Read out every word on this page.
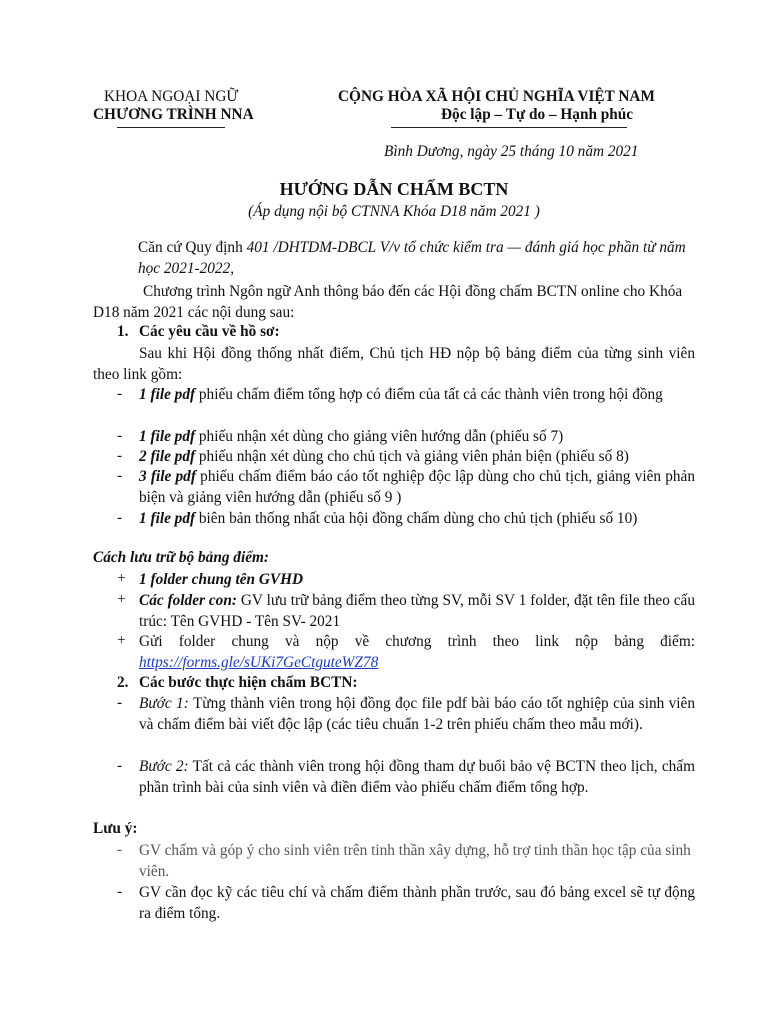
KHOA NGOẠI NGỮ
CHƯƠNG TRÌNH NNA
CỘNG HÒA XÃ HỘI CHỦ NGHĨA VIỆT NAM
Độc lập – Tự do – Hạnh phúc
Bình Dương, ngày 25 tháng 10 năm 2021
HƯỚNG DẪN CHẤM BCTN
(Áp dụng nội bộ CTNNA Khóa D18 năm 2021 )
Căn cứ Quy định 401 /DHTDM-DBCL V/v tổ chức kiểm tra — đánh giá học phần từ năm học 2021-2022,
Chương trình Ngôn ngữ Anh thông báo đến các Hội đồng chấm BCTN online cho Khóa D18 năm 2021 các nội dung sau:
1. Các yêu cầu về hồ sơ:
Sau khi Hội đồng thống nhất điểm, Chủ tịch HĐ nộp bộ bảng điểm của từng sinh viên theo link gồm:
- 1 file pdf phiếu chấm điểm tổng hợp có điểm của tất cả các thành viên trong hội đồng
- 1 file pdf phiếu nhận xét dùng cho giảng viên hướng dẫn (phiếu số 7)
- 2 file pdf phiếu nhận xét dùng cho chủ tịch và giảng viên phản biện (phiếu số 8)
- 3 file pdf phiếu chấm điểm báo cáo tốt nghiệp độc lập dùng cho chủ tịch, giảng viên phản biện và giảng viên hướng dẫn (phiếu số 9 )
- 1 file pdf biên bản thống nhất của hội đồng chấm dùng cho chủ tịch (phiếu số 10)
Cách lưu trữ bộ bảng điểm:
+ 1 folder chung tên GVHD
+ Các folder con: GV lưu trữ bảng điểm theo từng SV, mỗi SV 1 folder, đặt tên file theo cấu trúc: Tên GVHD - Tên SV- 2021
+ Gửi folder chung và nộp về chương trình theo link nộp bảng điểm:
https://forms.gle/sUKi7GeCtguteWZ78
2. Các bước thực hiện chấm BCTN:
- Bước 1: Từng thành viên trong hội đồng đọc file pdf bài báo cáo tốt nghiệp của sinh viên và chấm điểm bài viết độc lập (các tiêu chuẩn 1-2 trên phiếu chấm theo mẫu mới).
- Bước 2: Tất cả các thành viên trong hội đồng tham dự buổi bảo vệ BCTN theo lịch, chấm phần trình bài của sinh viên và điền điểm vào phiếu chấm điểm tổng hợp.
Lưu ý:
- GV chấm và góp ý cho sinh viên trên tinh thần xây dựng, hỗ trợ tinh thần học tập của sinh viên.
- GV cần đọc kỹ các tiêu chí và chấm điểm thành phần trước, sau đó bảng excel sẽ tự động ra điểm tổng.
